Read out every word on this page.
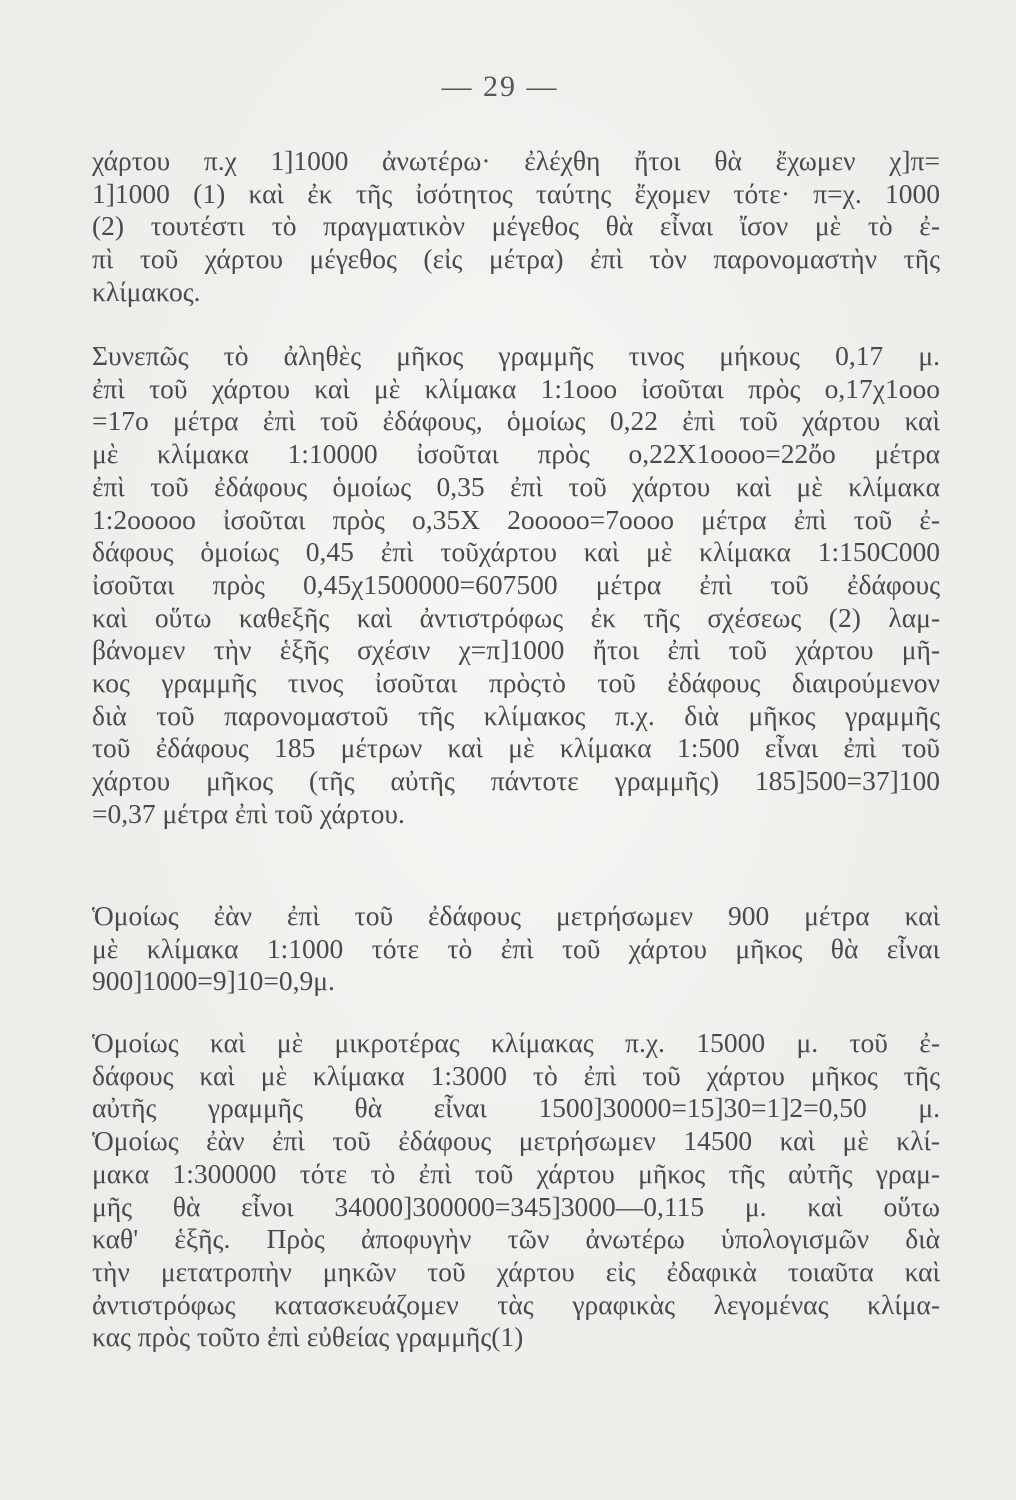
— 29 —
χάρτου π.χ 1]1000 ἀνωτέρω· ἐλέχθη ἤτοι θὰ ἔχωμεν χ]π=
1]1000 (1) καὶ ἐκ τῆς ἰσότητος ταύτης ἔχομεν τότε· π=χ. 1000
(2) τουτέστι τὸ πραγματικὸν μέγεθος θὰ εἶναι ἴσον μὲ τὸ ἐ-
πὶ τοῦ χάρτου μέγεθος (εἰς μέτρα) ἐπὶ τὸν παρονομαστὴν τῆς
κλίμακος.
Συνεπῶς τὸ ἀληθὲς μῆκος γραμμῆς τινος μήκους 0,17 μ.
ἐπὶ τοῦ χάρτου καὶ μὲ κλίμακα 1:1ooo ἰσοῦται πρὸς o,17χ1ooo
=17o μέτρα ἐπὶ τοῦ ἐδάφους, ὁμοίως 0,22 ἐπὶ τοῦ χάρτου καὶ
μὲ κλίμακα 1:10000 ἰσοῦται πρὸς o,22X1oooo=22ὄo μέτρα
ἐπὶ τοῦ ἐδάφους ὁμοίως 0,35 ἐπὶ τοῦ χάρτου καὶ μὲ κλίμακα
1:2ooooo ἰσοῦται πρὸς o,35X 2ooooo=7oooo μέτρα ἐπὶ τοῦ ἐ-
δάφους ὁμοίως 0,45 ἐπὶ τοῦχάρτου καὶ μὲ κλίμακα 1:150C000
ἰσοῦται πρὸς 0,45χ1500000=607500 μέτρα ἐπὶ τοῦ ἐδάφους
καὶ οὕτω καθεξῆς καὶ ἀντιστρόφως ἐκ τῆς σχέσεως (2) λαμ-
βάνομεν τὴν ἑξῆς σχέσιν χ=π]1000 ἤτοι ἐπὶ τοῦ χάρτου μῆ-
κος γραμμῆς τινος ἰσοῦται πρὸςτὸ τοῦ ἐδάφους διαιρούμενον
διὰ τοῦ παρονομαστοῦ τῆς κλίμακος π.χ. διὰ μῆκος γραμμῆς
τοῦ ἐδάφους 185 μέτρων καὶ μὲ κλίμακα 1:500 εἶναι ἐπὶ τοῦ
χάρτου μῆκος (τῆς αὐτῆς πάντοτε γραμμῆς) 185]500=37]100
=0,37 μέτρα ἐπὶ τοῦ χάρτου.
Ὁμοίως ἐὰν ἐπὶ τοῦ ἐδάφους μετρήσωμεν 900 μέτρα καὶ
μὲ κλίμακα 1:1000 τότε τὸ ἐπὶ τοῦ χάρτου μῆκος θὰ εἶναι
900]1000=9]10=0,9μ.
Ὁμοίως καὶ μὲ μικροτέρας κλίμακας π.χ. 15000 μ. τοῦ ἐ-
δάφους καὶ μὲ κλίμακα 1:3000 τὸ ἐπὶ τοῦ χάρτου μῆκος τῆς
αὐτῆς γραμμῆς θὰ εἶναι 1500]30000=15]30=1]2=0,50 μ.
Ὁμοίως ἐὰν ἐπὶ τοῦ ἐδάφους μετρήσωμεν 14500 καὶ μὲ κλί-
μακα 1:300000 τότε τὸ ἐπὶ τοῦ χάρτου μῆκος τῆς αὐτῆς γραμ-
μῆς θὰ εἶνοι 34000]300000=345]3000—0,115 μ. καὶ οὕτω
καθ' ἑξῆς. Πρὸς ἀποφυγὴν τῶν ἀνωτέρω ὑπολογισμῶν διὰ
τὴν μετατροπὴν μηκῶν τοῦ χάρτου εἰς ἐδαφικὰ τοιαῦτα καὶ
ἀντιστρόφως κατασκευάζομεν τὰς γραφικὰς λεγομένας κλίμα-
κας πρὸς τοῦτο ἐπὶ εὐθείας γραμμῆς(1)
